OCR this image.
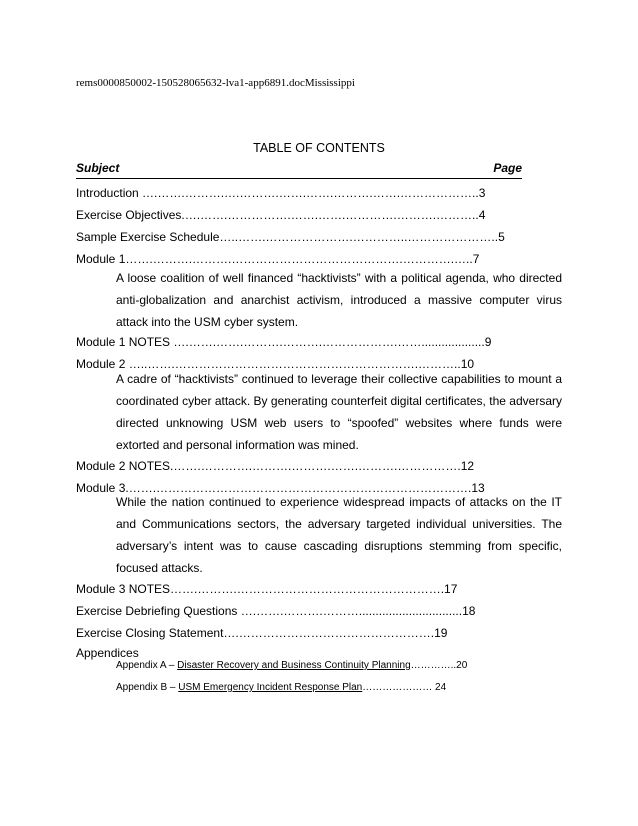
rems0000850002-150528065632-lva1-app6891.docMississippi
TABLE OF CONTENTS
Subject	Page
Introduction ….…….……….….……….…….…….……….…….………………..3
Exercise Objectives.….…….…………….…….…….………….……….………..4
Sample Exercise Schedule…..…….………………….…………..…………………..5
Module 1…….……….……….…………………………………….………….…..7
A loose coalition of well financed “hacktivists” with a political agenda, who directed anti-globalization and anarchist activism, introduced a massive computer virus attack into the USM cyber system.
Module 1 NOTES ….…….…….……….……….……………….……...................9
Module 2 …..…….…………………………………………………….………..10
A cadre of “hacktivists” continued to leverage their collective capabilities to mount a coordinated cyber attack. By generating counterfeit digital certificates, the adversary directed unknowing USM web users to “spoofed” websites where funds were extorted and personal information was mined.
Module 2 NOTES.…….………….……….……….…….……….…………….12
Module 3.…….…………………………………………………………………….13
While the nation continued to experience widespread impacts of attacks on the IT and Communications sectors, the adversary targeted individual universities. The adversary’s intent was to cause cascading disruptions stemming from specific, focused attacks.
Module 3 NOTES…….……….…………………………………………….17
Exercise Debriefing Questions ….…….……….………...............................18
Exercise Closing Statement….………………………………………….19
Appendices
Appendix A – Disaster Recovery and Business Continuity Planning…………..20
Appendix B – USM Emergency Incident Response Plan………………… 24
